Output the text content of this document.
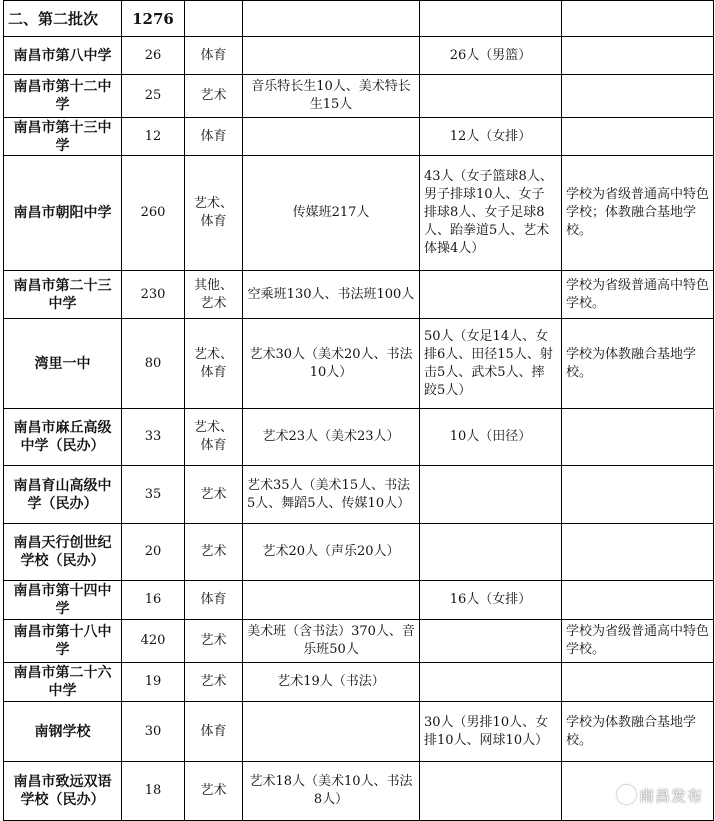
二、第二批次	1276				
南昌市第八中学	26	体育		26人（男篮）	
南昌市第十二中学	25	艺术	音乐特长生10人、美术特长生15人		
南昌市第十三中学	12	体育		12人（女排）	
南昌市朝阳中学	260	艺术、体育	传媒班217人	43人（女子篮球8人、男子排球10人、女子排球8人、女子足球8人、跆拳道5人、艺术体操4人）	学校为省级普通高中特色学校；体教融合基地学校。
南昌市第二十三中学	230	其他、艺术	空乘班130人、书法班100人		学校为省级普通高中特色学校。
湾里一中	80	艺术、体育	艺术30人（美术20人、书法10人）	50人（女足14人、女排6人、田径15人、射击5人、武术5人、摔跤5人）	学校为体教融合基地学校。
南昌市麻丘高级中学（民办）	33	艺术、体育	艺术23人（美术23人）	10人（田径）	
南昌育山高级中学（民办）	35	艺术	艺术35人（美术15人、书法5人、舞蹈5人、传媒10人）		
南昌天行创世纪学校（民办）	20	艺术	艺术20人（声乐20人）		
南昌市第十四中学	16	体育		16人（女排）	
南昌市第十八中学	420	艺术	美术班（含书法）370人、音乐班50人		学校为省级普通高中特色学校。
南昌市第二十六中学	19	艺术	艺术19人（书法）		
南钢学校	30	体育		30人（男排10人、女排10人、网球10人）	学校为体教融合基地学校。
南昌市致远双语学校（民办）	18	艺术	艺术18人（美术10人、书法8人）			南昌发布
